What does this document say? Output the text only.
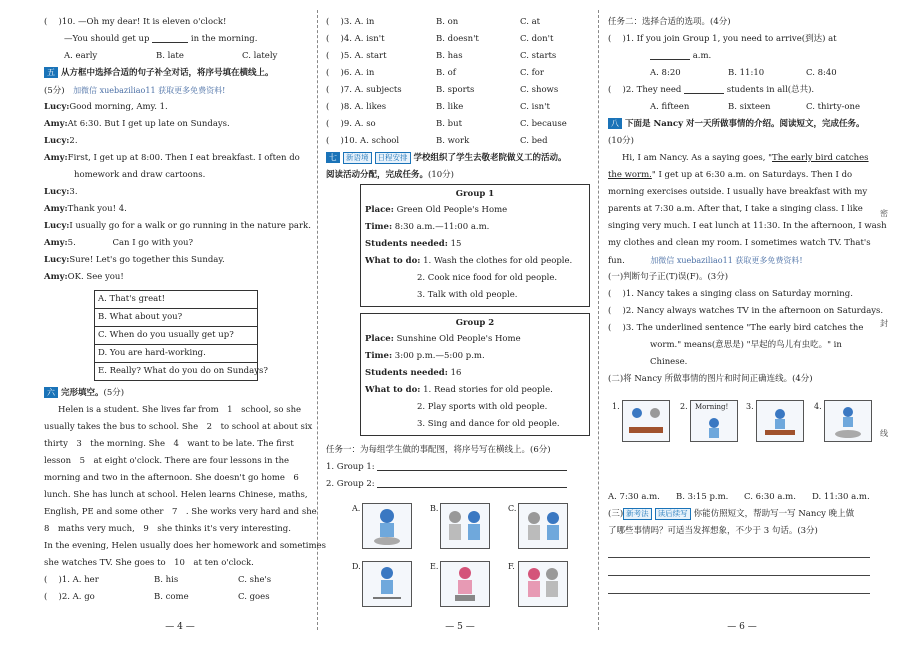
(　 )10. —Oh my dear! It is eleven o'clock!
—You should get up	in the morning.
A. early	B. late	C. lately
五 从方框中选择合适的句子补全对话，将序号填在横线上。
(5分)　 加微信 xuebaziliao11 获取更多免费资料!
Lucy:Good morning, Amy. 1.
Amy:At 6:30. But I get up late on Sundays.
Lucy:2.
Amy:First, I get up at 8:00. Then I eat breakfast. I often do
homework and draw cartoons.
Lucy:3.
Amy:Thank you! 4.
Lucy:I usually go for a walk or go running in the nature park.
Amy:5.　　　　 Can I go with you?
Lucy:Sure! Let's go together this Sunday.
Amy:OK. See you!
A. That's great!
B. What about you?
C. When do you usually get up?
D. You are hard-working.
E. Really? What do you do on Sundays?
六 完形填空。(5分)
Helen is a student. She lives far from　1　school, so she
usually takes the bus to school. She　2　to school at about six
thirty　3　the morning. She　4　want to be late. The first
lesson　5　at eight o'clock. There are four lessons in the
morning and two in the afternoon. She doesn't go home　6
lunch. She has lunch at school. Helen learns Chinese, maths,
English, PE and some other　7　. She works very hard and she
8　maths very much,　9　she thinks it's very interesting.
In the evening, Helen usually does her homework and sometimes
she watches TV. She goes to　10　at ten o'clock.
(　 )1. A. her	B. his	C. she's
(　 )2. A. go	B. come	C. goes
— 4 —
(　 )3. A. in	B. on	C. at
(　 )4. A. isn't	B. doesn't	C. don't
(　 )5. A. start	B. has	C. starts
(　 )6. A. in	B. of	C. for
(　 )7. A. subjects	B. sports	C. shows
(　 )8. A. likes	B. like	C. isn't
(　 )9. A. so	B. but	C. because
(　 )10. A. school	B. work	C. bed
七 新语境 日程安排 学校组织了学生去敬老院做义工的活动。
阅读活动分配，完成任务。(10分)
Group 1
Place: Green Old People's Home
Time: 8:30 a.m.—11:00 a.m.
Students needed: 15
What to do: 1. Wash the clothes for old people.
2. Cook nice food for old people.
3. Talk with old people.
Group 2
Place: Sunshine Old People's Home
Time: 3:00 p.m.—5:00 p.m.
Students needed: 16
What to do: 1. Read stories for old people.
2. Play sports with old people.
3. Sing and dance for old people.
任务一：为每组学生做的事配图，将序号写在横线上。(6分)
1. Group 1:
2. Group 2:
— 5 —
A.	B.	C.
D.	E.	F.
任务二：选择合适的选项。(4分)
(　 )1. If you join Group 1, you need to arrive(到达) at
a.m.
A. 8:20	B. 11:10	C. 8:40
(　 )2. They need	students in all(总共).
A. fifteen	B. sixteen	C. thirty-one
八 下面是 Nancy 对一天所做事情的介绍。阅读短文，完成任务。
(10分)
Hi, I am Nancy. As a saying goes, "The early bird catches
the worm." I get up at 6:30 a.m. on Saturdays. Then I do
morning exercises outside. I usually have breakfast with my
parents at 7:30 a.m. After that, I take a singing class. I like
singing very much. I eat lunch at 11:30. In the afternoon, I wash
my clothes and clean my room. I sometimes watch TV. That's
fun.　　　	加微信 xuebaziliao11 获取更多免费资料!
(一)判断句子正(T)误(F)。(3分)
(　 )1. Nancy takes a singing class on Saturday morning.
(　 )2. Nancy always watches TV in the afternoon on Saturdays.
(　 )3. The underlined sentence "The early bird catches the
worm." means(意思是) "早起的鸟儿有虫吃。" in
Chinese.
(二)将 Nancy 所做事情的图片和时间正确连线。(4分)
— 6 —
1.	2. Morning! 3.	4.
A. 7:30 a.m.	B. 3:15 p.m.	C. 6:30 a.m.	D. 11:30 a.m.
(三) 新考法 读后续写 你能仿照短文，帮助写一写 Nancy 晚上做
了哪些事情吗？可适当发挥想象，不少于 3 句话。(3分)
密
封
线
